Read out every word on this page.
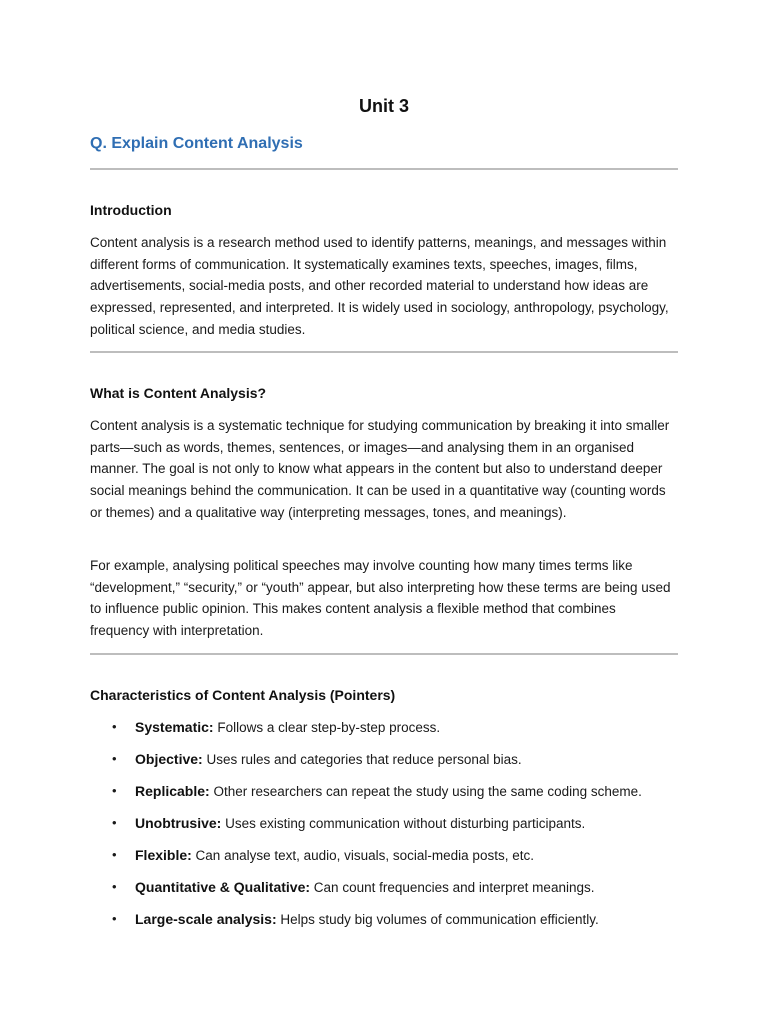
Unit 3
Q. Explain Content Analysis
Introduction
Content analysis is a research method used to identify patterns, meanings, and messages within different forms of communication. It systematically examines texts, speeches, images, films, advertisements, social-media posts, and other recorded material to understand how ideas are expressed, represented, and interpreted. It is widely used in sociology, anthropology, psychology, political science, and media studies.
What is Content Analysis?
Content analysis is a systematic technique for studying communication by breaking it into smaller parts—such as words, themes, sentences, or images—and analysing them in an organised manner. The goal is not only to know what appears in the content but also to understand deeper social meanings behind the communication. It can be used in a quantitative way (counting words or themes) and a qualitative way (interpreting messages, tones, and meanings).
For example, analysing political speeches may involve counting how many times terms like “development,” “security,” or “youth” appear, but also interpreting how these terms are being used to influence public opinion. This makes content analysis a flexible method that combines frequency with interpretation.
Characteristics of Content Analysis (Pointers)
• Systematic: Follows a clear step-by-step process.
• Objective: Uses rules and categories that reduce personal bias.
• Replicable: Other researchers can repeat the study using the same coding scheme.
• Unobtrusive: Uses existing communication without disturbing participants.
• Flexible: Can analyse text, audio, visuals, social-media posts, etc.
• Quantitative & Qualitative: Can count frequencies and interpret meanings.
• Large-scale analysis: Helps study big volumes of communication efficiently.
